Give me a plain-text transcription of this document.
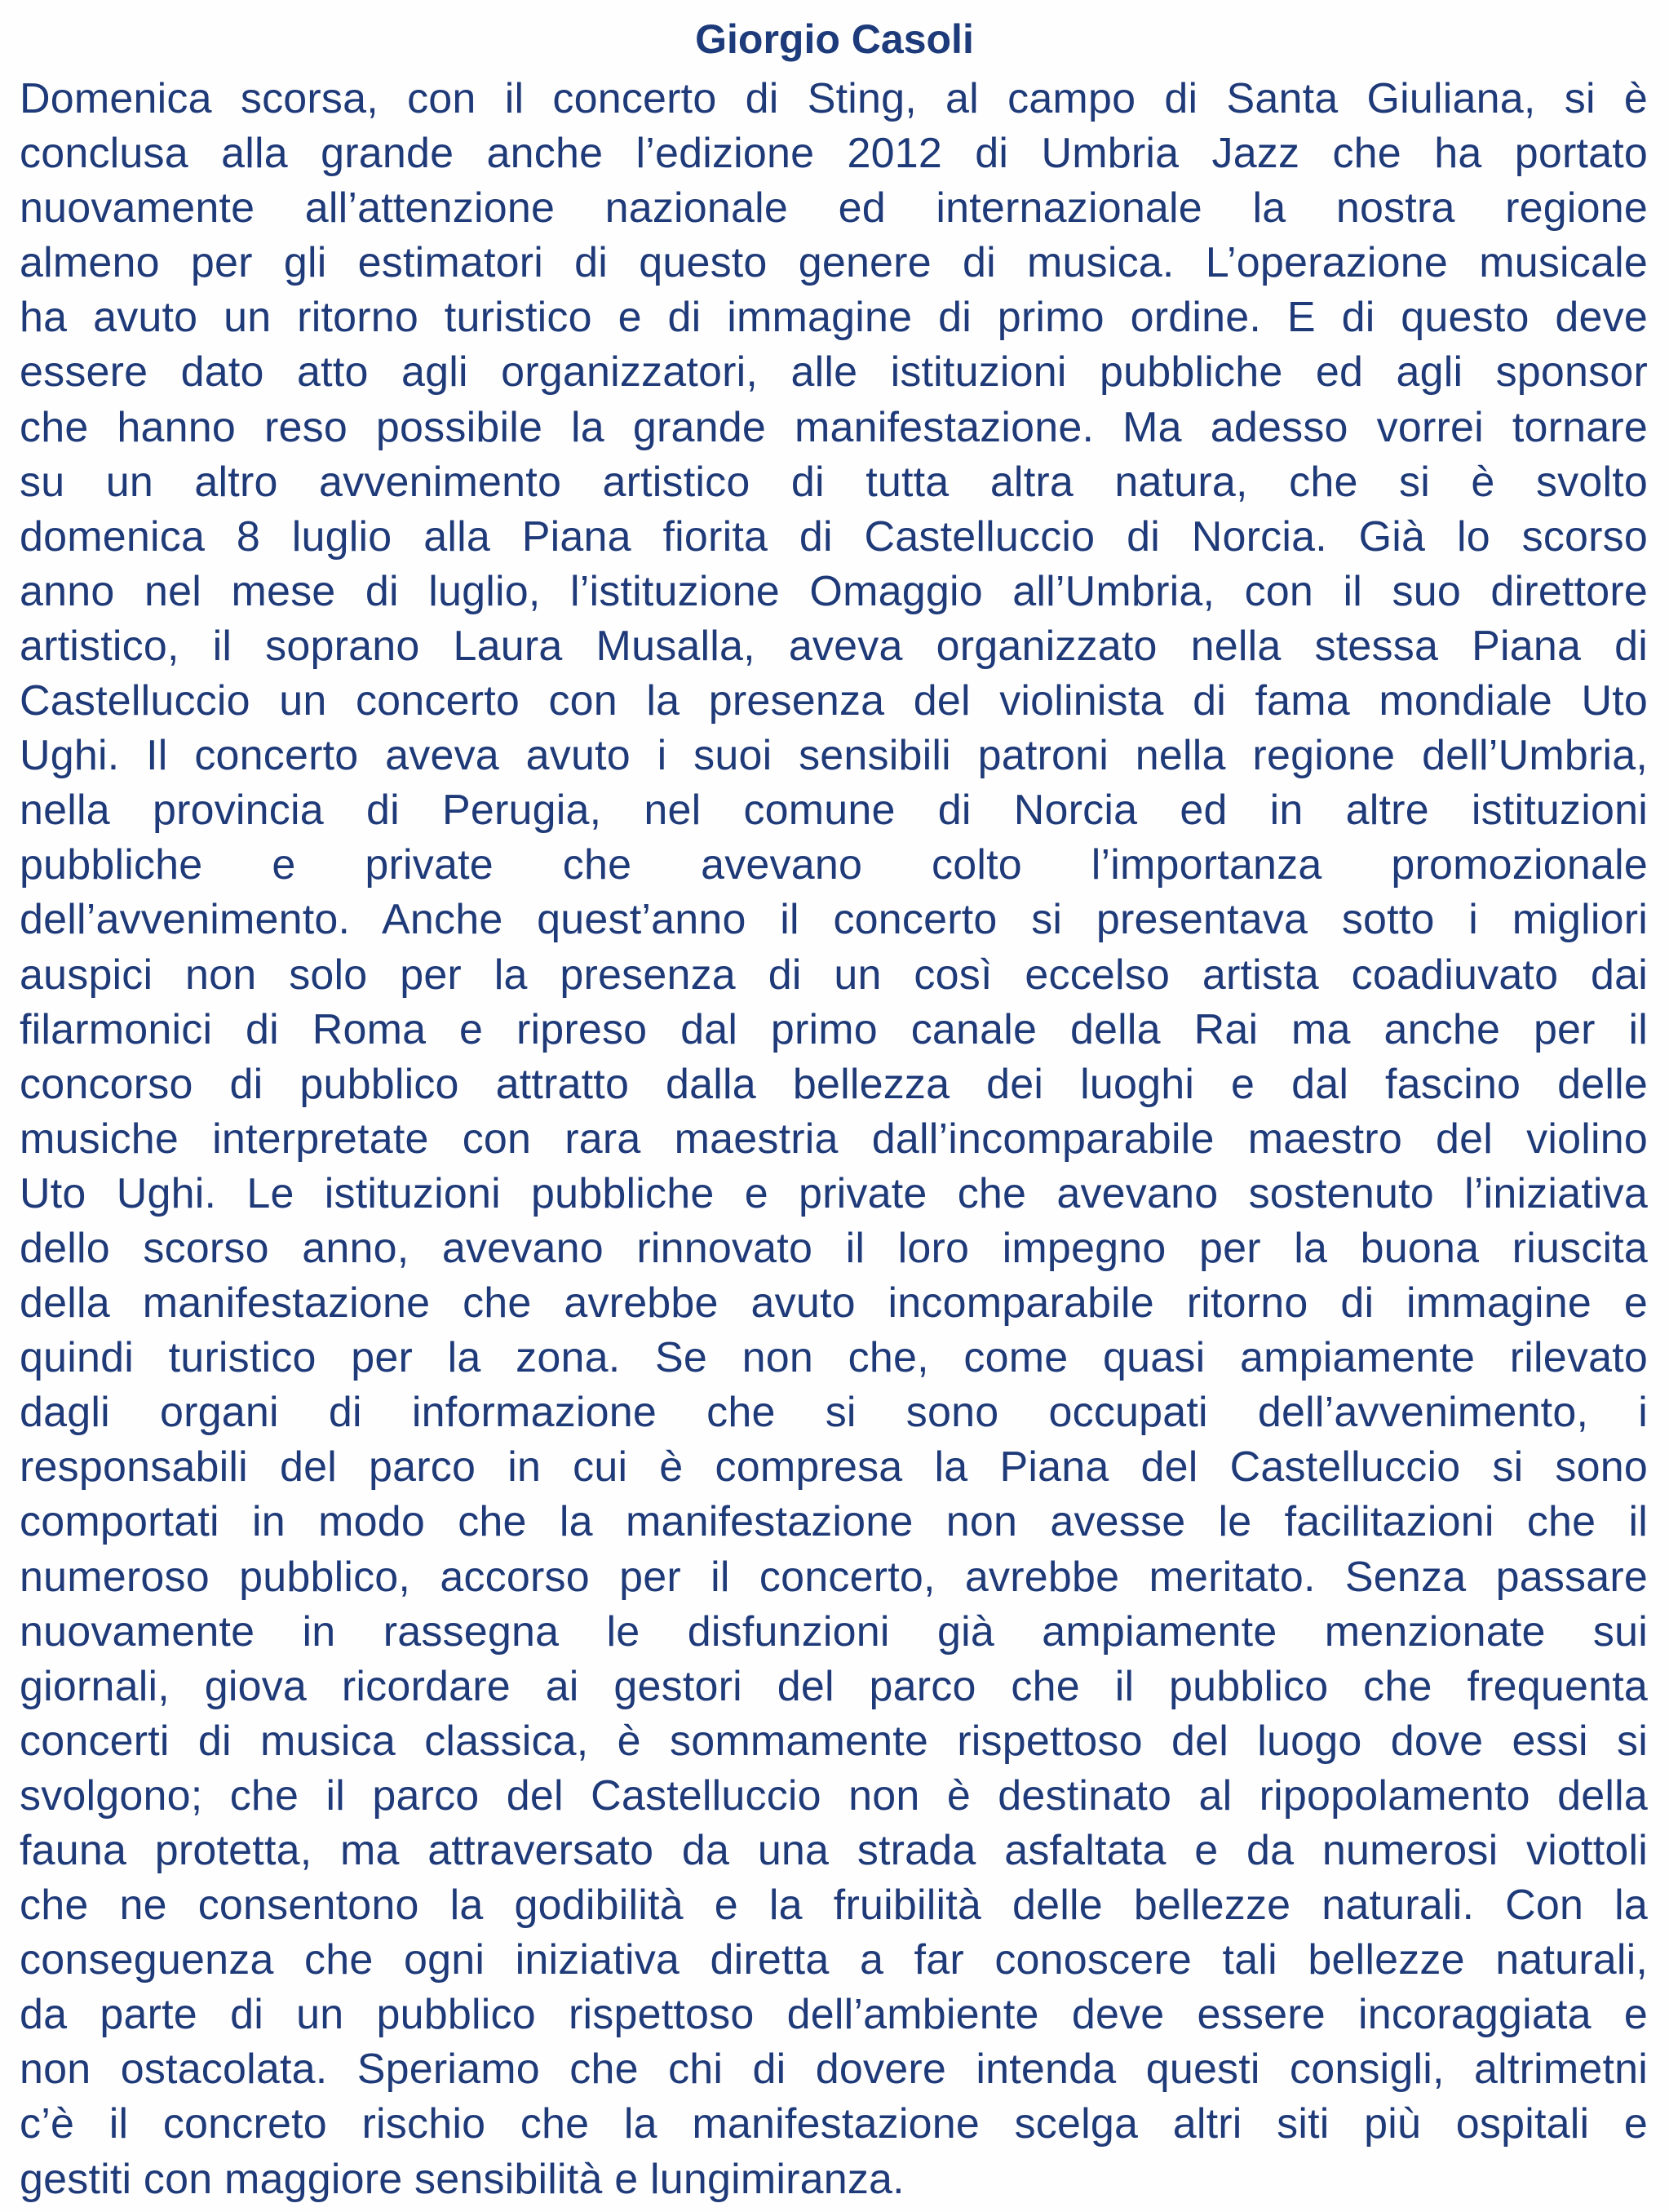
Giorgio Casoli
Domenica scorsa, con il concerto di Sting, al campo di Santa Giuliana, si è
conclusa alla grande anche l’edizione 2012 di Umbria Jazz che ha portato
nuovamente all’attenzione nazionale ed internazionale la nostra regione
almeno per gli estimatori di questo genere di musica. L’operazione musicale
ha avuto un ritorno turistico e di immagine di primo ordine. E di questo deve
essere dato atto agli organizzatori, alle istituzioni pubbliche ed agli sponsor
che hanno reso possibile la grande manifestazione. Ma adesso vorrei tornare
su un altro avvenimento artistico di tutta altra natura, che si è svolto
domenica 8 luglio alla Piana fiorita di Castelluccio di Norcia. Già lo scorso
anno nel mese di luglio, l’istituzione Omaggio all’Umbria, con il suo direttore
artistico, il soprano Laura Musalla, aveva organizzato nella stessa Piana di
Castelluccio un concerto con la presenza del violinista di fama mondiale Uto
Ughi. Il concerto aveva avuto i suoi sensibili patroni nella regione dell’Umbria,
nella provincia di Perugia, nel comune di Norcia ed in altre istituzioni
pubbliche e private che avevano colto l’importanza promozionale
dell’avvenimento. Anche quest’anno il concerto si presentava sotto i migliori
auspici non solo per la presenza di un così eccelso artista coadiuvato dai
filarmonici di Roma e ripreso dal primo canale della Rai ma anche per il
concorso di pubblico attratto dalla bellezza dei luoghi e dal fascino delle
musiche interpretate con rara maestria dall’incomparabile maestro del violino
Uto Ughi. Le istituzioni pubbliche e private che avevano sostenuto l’iniziativa
dello scorso anno, avevano rinnovato il loro impegno per la buona riuscita
della manifestazione che avrebbe avuto incomparabile ritorno di immagine e
quindi turistico per la zona. Se non che, come quasi ampiamente rilevato
dagli organi di informazione che si sono occupati dell’avvenimento, i
responsabili del parco in cui è compresa la Piana del Castelluccio si sono
comportati in modo che la manifestazione non avesse le facilitazioni che il
numeroso pubblico, accorso per il concerto, avrebbe meritato. Senza passare
nuovamente in rassegna le disfunzioni già ampiamente menzionate sui
giornali, giova ricordare ai gestori del parco che il pubblico che frequenta
concerti di musica classica, è sommamente rispettoso del luogo dove essi si
svolgono; che il parco del Castelluccio non è destinato al ripopolamento della
fauna protetta, ma attraversato da una strada asfaltata e da numerosi viottoli
che ne consentono la godibilità e la fruibilità delle bellezze naturali. Con la
conseguenza che ogni iniziativa diretta a far conoscere tali bellezze naturali,
da parte di un pubblico rispettoso dell’ambiente deve essere incoraggiata e
non ostacolata. Speriamo che chi di dovere intenda questi consigli, altrimetni
c’è il concreto rischio che la manifestazione scelga altri siti più ospitali e
gestiti con maggiore sensibilità e lungimiranza.
